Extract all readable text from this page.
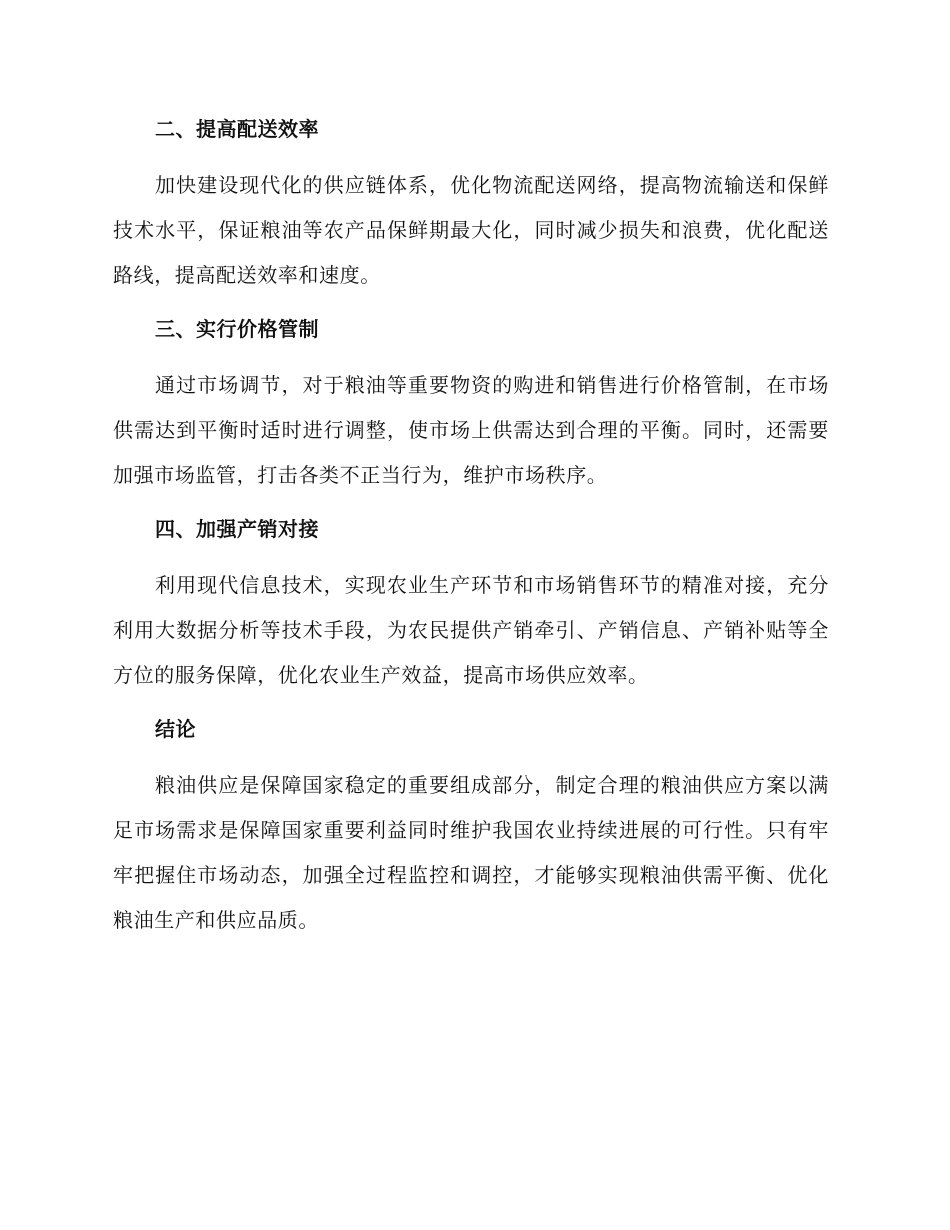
二、提高配送效率

加快建设现代化的供应链体系，优化物流配送网络，提高物流输送和保鲜技术水平，保证粮油等农产品保鲜期最大化，同时减少损失和浪费，优化配送路线，提高配送效率和速度。

三、实行价格管制

通过市场调节，对于粮油等重要物资的购进和销售进行价格管制，在市场供需达到平衡时适时进行调整，使市场上供需达到合理的平衡。同时，还需要加强市场监管，打击各类不正当行为，维护市场秩序。

四、加强产销对接

利用现代信息技术，实现农业生产环节和市场销售环节的精准对接，充分利用大数据分析等技术手段，为农民提供产销牵引、产销信息、产销补贴等全方位的服务保障，优化农业生产效益，提高市场供应效率。

结论

粮油供应是保障国家稳定的重要组成部分，制定合理的粮油供应方案以满足市场需求是保障国家重要利益同时维护我国农业持续进展的可行性。只有牢牢把握住市场动态，加强全过程监控和调控，才能够实现粮油供需平衡、优化粮油生产和供应品质。
